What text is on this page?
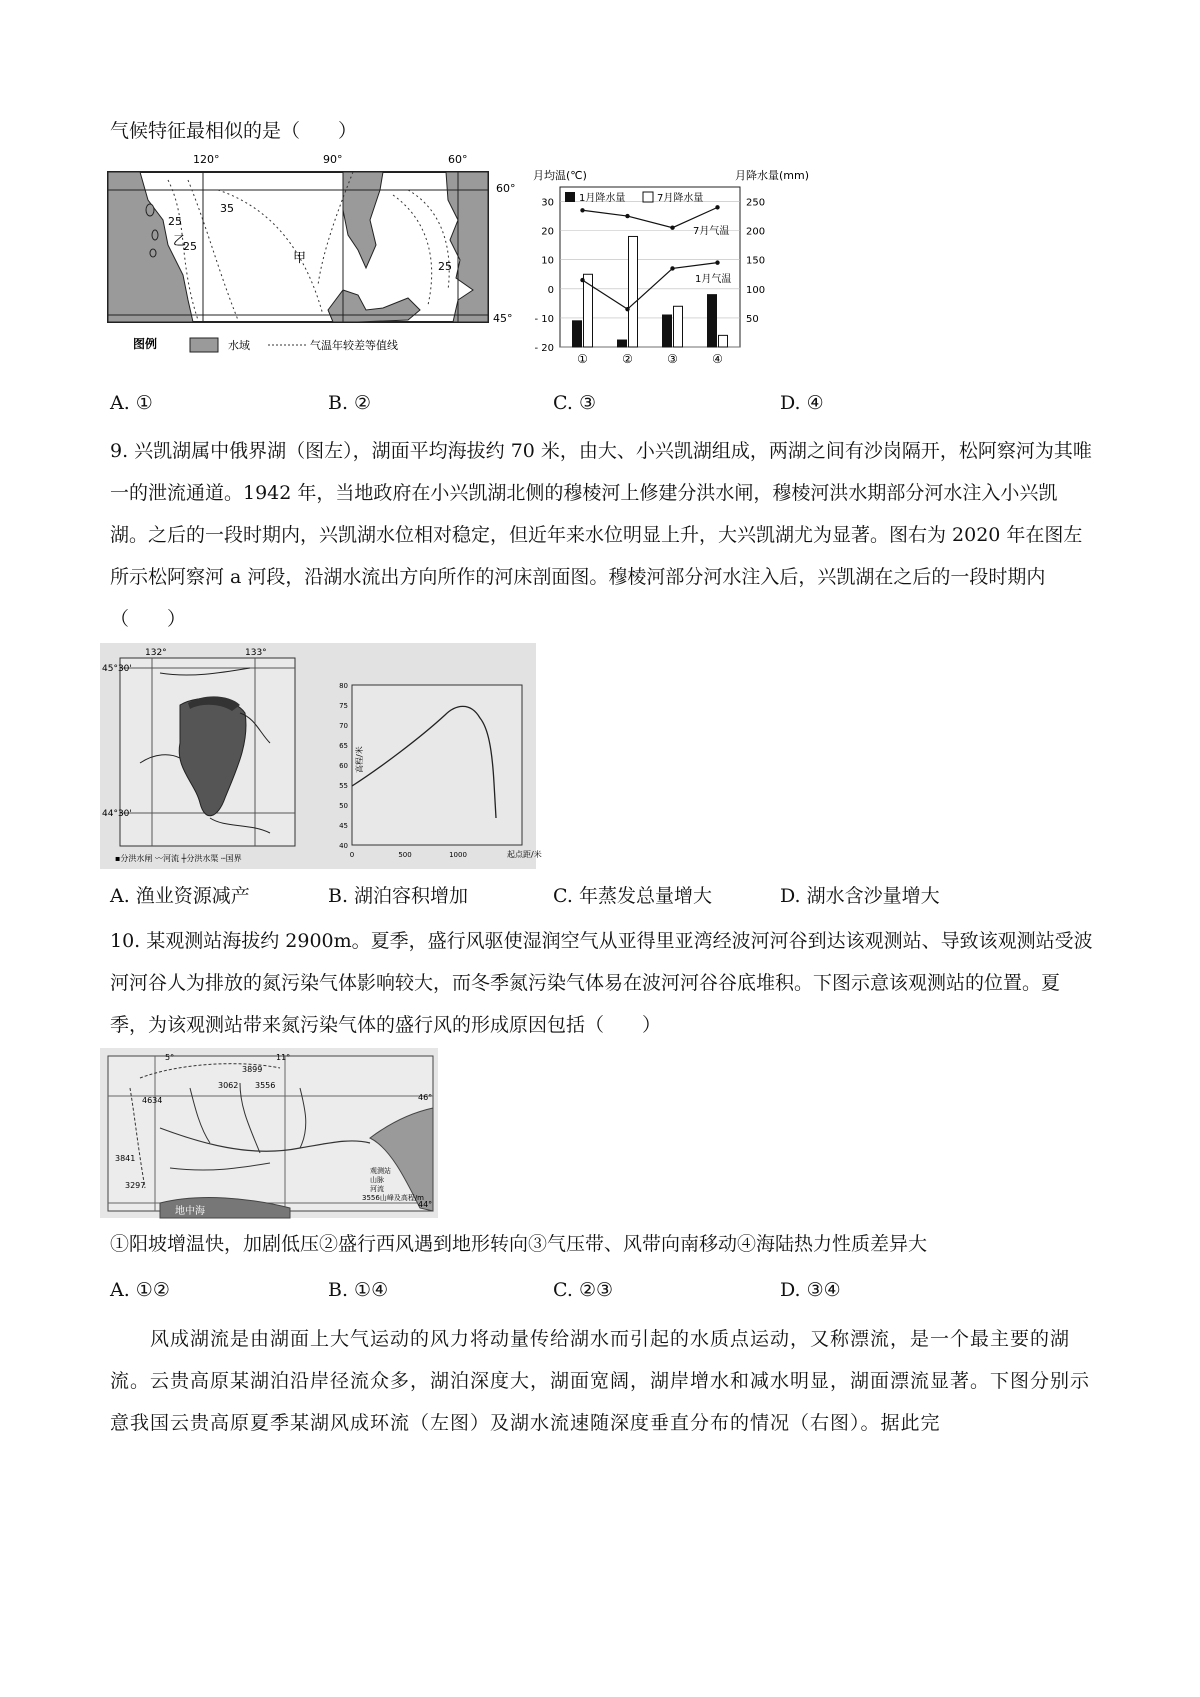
气候特征最相似的是（　　）

120°	90°	60°
60°
45°
25
35
25
25
乙
甲
图例	水域	气温年较差等值线
月均温(℃)	月降水量(mm)
30
20
10
0
- 10
- 20
250
200
150
100
50
①	②	③	④
1月降水量	7月降水量
7月气温
1月气温
A. ①	B. ②	C. ③	D. ④

9. 兴凯湖属中俄界湖（图左），湖面平均海拔约 70 米，由大、小兴凯湖组成，两湖之间有沙岗隔开，松阿察河为其唯一的泄流通道。1942 年，当地政府在小兴凯湖北侧的穆棱河上修建分洪水闸，穆棱河洪水期部分河水注入小兴凯湖。之后的一段时期内，兴凯湖水位相对稳定，但近年来水位明显上升，大兴凯湖尤为显著。图右为 2020 年在图左所示松阿察河 a 河段，沿湖水流出方向所作的河床剖面图。穆棱河部分河水注入后，兴凯湖在之后的一段时期内（　　）

132°	133°
45°30'
44°30'
▪分洪水闸 〰河流 ┼分洪水渠 ┄国界
80
75
70
65
60
55
50
45
40
0	500	1000	起点距/米
高程/米
A. 渔业资源减产	B. 湖泊容积增加	C. 年蒸发总量增大	D. 湖水含沙量增大

10. 某观测站海拔约 2900m。夏季，盛行风驱使湿润空气从亚得里亚湾经波河河谷到达该观测站、导致该观测站受波河河谷人为排放的氮污染气体影响较大，而冬季氮污染气体易在波河河谷谷底堆积。下图示意该观测站的位置。夏季，为该观测站带来氮污染气体的盛行风的形成原因包括（　　）

5°	11°
46°
44°
3899
3062 3556
4634
3841
3297
地中海
观测站
山脉
河流
3556山峰及高程/m

①阳坡增温快，加剧低压②盛行西风遇到地形转向③气压带、风带向南移动④海陆热力性质差异大

A. ①②	B. ①④	C. ②③	D. ③④

风成湖流是由湖面上大气运动的风力将动量传给湖水而引起的水质点运动，又称漂流，是一个最主要的湖流。云贵高原某湖泊沿岸径流众多，湖泊深度大，湖面宽阔，湖岸增水和减水明显，湖面漂流显著。下图分别示意我国云贵高原夏季某湖风成环流（左图）及湖水流速随深度垂直分布的情况（右图）。据此完
